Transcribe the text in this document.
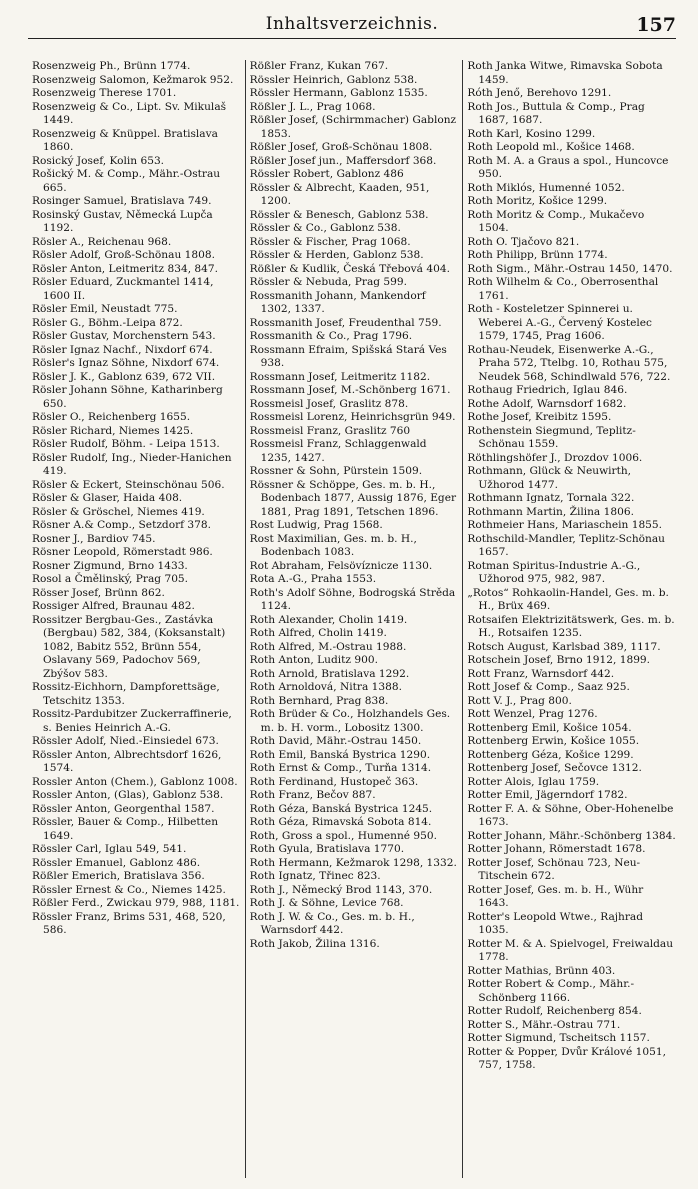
Inhaltsverzeichnis.	157

Rosenzweig Ph., Brünn 1774.

Rosenzweig Salomon, Kežmarok 952.

Rosenzweig Therese 1701.

Rosenzweig & Co., Lipt. Sv. Mikulaš 1449.

Rosenzweig & Knüppel. Bratislava 1860.

Rosický Josef, Kolin 653.

Rošický M. & Comp., Mähr.-Ostrau 665.

Rosinger Samuel, Bratislava 749.

Rosinský Gustav, Německá Lupča 1192.

Rösler A., Reichenau 968.

Rösler Adolf, Groß-Schönau 1808.

Rösler Anton, Leitmeritz 834, 847.

Rösler Eduard, Zuckmantel 1414, 1600 II.

Rösler Emil, Neustadt 775.

Rösler G., Böhm.-Leipa 872.

Rösler Gustav, Morchenstern 543.

Rösler Ignaz Nachf., Nixdorf 674.

Rösler's Ignaz Söhne, Nixdorf 674.

Rösler J. K., Gablonz 639, 672 VII.

Rösler Johann Söhne, Katharinberg 650.

Rösler O., Reichenberg 1655.

Rösler Richard, Niemes 1425.

Rösler Rudolf, Böhm. - Leipa 1513.

Rösler Rudolf, Ing., Nieder-Hanichen 419.

Rösler & Eckert, Steinschönau 506.

Rösler & Glaser, Haida 408.

Rösler & Gröschel, Niemes 419.

Rösner A.& Comp., Setzdorf 378.

Rosner J., Bardiov 745.

Rösner Leopold, Römerstadt 986.

Rosner Zigmund, Brno 1433.

Rosol a Čmělinský, Prag 705.

Rösser Josef, Brünn 862.

Rossiger Alfred, Braunau 482.

Rossitzer Bergbau-Ges., Zastávka (Bergbau) 582, 384, (Koksanstalt) 1082, Babitz 552, Brünn 554, Oslavany 569, Padochov 569, Zbýšov 583.

Rossitz-Eichhorn, Dampforettsäge, Tetschitz 1353.

Rossitz-Pardubitzer Zuckerraffinerie, s. Benies Heinrich A.-G.

Rössler Adolf, Nied.-Einsiedel 673.

Rössler Anton, Albrechtsdorf 1626, 1574.

Rossler Anton (Chem.), Gablonz 1008.

Rossler Anton, (Glas), Gablonz 538.

Rössler Anton, Georgenthal 1587.

Rössler, Bauer & Comp., Hilbetten 1649.

Rössler Carl, Iglau 549, 541.

Rössler Emanuel, Gablonz 486.

Rößler Emerich, Bratislava 356.

Rössler Ernest & Co., Niemes 1425.

Rößler Ferd., Zwickau 979, 988, 1181.

Rössler Franz, Brims 531, 468, 520, 586.

Rößler Franz, Kukan 767.

Rössler Heinrich, Gablonz 538.

Rössler Hermann, Gablonz 1535.

Rößler J. L., Prag 1068.

Rößler Josef, (Schirmmacher) Gablonz 1853.

Rößler Josef, Groß-Schönau 1808.

Rößler Josef jun., Maffersdorf 368.

Rössler Robert, Gablonz 486

Rössler & Albrecht, Kaaden, 951, 1200.

Rössler & Benesch, Gablonz 538.

Rössler & Co., Gablonz 538.

Rössler & Fischer, Prag 1068.

Rössler & Herden, Gablonz 538.

Rößler & Kudlik, Česká Třebová 404.

Rössler & Nebuda, Prag 599.

Rossmanith Johann, Mankendorf 1302, 1337.

Rossmanith Josef, Freudenthal 759.

Rossmanith & Co., Prag 1796.

Rossmann Efraim, Spišská Stará Ves 938.

Rossmann Josef, Leitmeritz 1182.

Rossmann Josef, M.-Schönberg 1671.

Rossmeisl Josef, Graslitz 878.

Rossmeisl Lorenz, Heinrichsgrün 949.

Rossmeisl Franz, Graslitz 760

Rossmeisl Franz, Schlaggenwald 1235, 1427.

Rossner & Sohn, Pürstein 1509.

Rössner & Schöppe, Ges. m. b. H., Bodenbach 1877, Aussig 1876, Eger 1881, Prag 1891, Tetschen 1896.

Rost Ludwig, Prag 1568.

Rost Maximilian, Ges. m. b. H., Bodenbach 1083.

Rot Abraham, Felsövíznicze 1130.

Rota A.-G., Praha 1553.

Roth's Adolf Söhne, Bodrogská Strěda 1124.

Roth Alexander, Cholin 1419.

Roth Alfred, Cholin 1419.

Roth Alfred, M.-Ostrau 1988.

Roth Anton, Luditz 900.

Roth Arnold, Bratislava 1292.

Roth Arnoldová, Nitra 1388.

Roth Bernhard, Prag 838.

Roth Brüder & Co., Holzhandels Ges. m. b. H. vorm., Lobositz 1300.

Roth David, Mähr.-Ostrau 1450.

Roth Emil, Banská Bystrica 1290.

Roth Ernst & Comp., Turňa 1314.

Roth Ferdinand, Hustopeč 363.

Roth Franz, Bečov 887.

Roth Géza, Banská Bystrica 1245.

Roth Géza, Rimavská Sobota 814.

Roth, Gross a spol., Humenné 950.

Roth Gyula, Bratislava 1770.

Roth Hermann, Kežmarok 1298, 1332.

Roth Ignatz, Třinec 823.

Roth J., Německý Brod 1143, 370.

Roth J. & Söhne, Levice 768.

Roth J. W. & Co., Ges. m. b. H., Warnsdorf 442.

Roth Jakob, Žilina 1316.

Roth Janka Witwe, Rimavska Sobota 1459.

Róth Jenő, Berehovo 1291.

Roth Jos., Buttula & Comp., Prag 1687, 1687.

Roth Karl, Kosino 1299.

Roth Leopold ml., Košice 1468.

Roth M. A. a Graus a spol., Huncovce 950.

Roth Miklós, Humenné 1052.

Roth Moritz, Košice 1299.

Roth Moritz & Comp., Mukačevo 1504.

Roth O. Tjačovo 821.

Roth Philipp, Brünn 1774.

Roth Sigm., Mähr.-Ostrau 1450, 1470.

Roth Wilhelm & Co., Oberrosenthal 1761.

Roth - Kosteletzer Spinnerei u. Weberei A.-G., Červený Kostelec 1579, 1745, Prag 1606.

Rothau-Neudek, Eisenwerke A.-G., Praha 572, Ttelbg. 10, Rothau 575, Neudek 568, Schindlwald 576, 722.

Rothaug Friedrich, Iglau 846.

Rothe Adolf, Warnsdorf 1682.

Rothe Josef, Kreibitz 1595.

Rothenstein Siegmund, Teplitz-Schönau 1559.

Röthlingshöfer J., Drozdov 1006.

Rothmann, Glück & Neuwirth, Užhorod 1477.

Rothmann Ignatz, Tornala 322.

Rothmann Martin, Žilina 1806.

Rothmeier Hans, Mariaschein 1855.

Rothschild-Mandler, Teplitz-Schönau 1657.

Rotman Spiritus-Industrie A.-G., Užhorod 975, 982, 987.

„Rotos“ Rohkaolin-Handel, Ges. m. b. H., Brüx 469.

Rotsaifen Elektrizitätswerk, Ges. m. b. H., Rotsaifen 1235.

Rotsch August, Karlsbad 389, 1117.

Rotschein Josef, Brno 1912, 1899.

Rott Franz, Warnsdorf 442.

Rott Josef & Comp., Saaz 925.

Rott V. J., Prag 800.

Rott Wenzel, Prag 1276.

Rottenberg Emil, Košice 1054.

Rottenberg Erwin, Košice 1055.

Rottenberg Géza, Košice 1299.

Rottenberg Josef, Sečovce 1312.

Rotter Alois, Iglau 1759.

Rotter Emil, Jägerndorf 1782.

Rotter F. A. & Söhne, Ober-Hohenelbe 1673.

Rotter Johann, Mähr.-Schönberg 1384.

Rotter Johann, Römerstadt 1678.

Rotter Josef, Schönau 723, Neu-Titschein 672.

Rotter Josef, Ges. m. b. H., Wühr 1643.

Rotter's Leopold Wtwe., Rajhrad 1035.

Rotter M. & A. Spielvogel, Freiwaldau 1778.

Rotter Mathias, Brünn 403.

Rotter Robert & Comp., Mähr.-Schönberg 1166.

Rotter Rudolf, Reichenberg 854.

Rotter S., Mähr.-Ostrau 771.

Rotter Sigmund, Tscheitsch 1157.

Rotter & Popper, Dvůr Králové 1051, 757, 1758.
